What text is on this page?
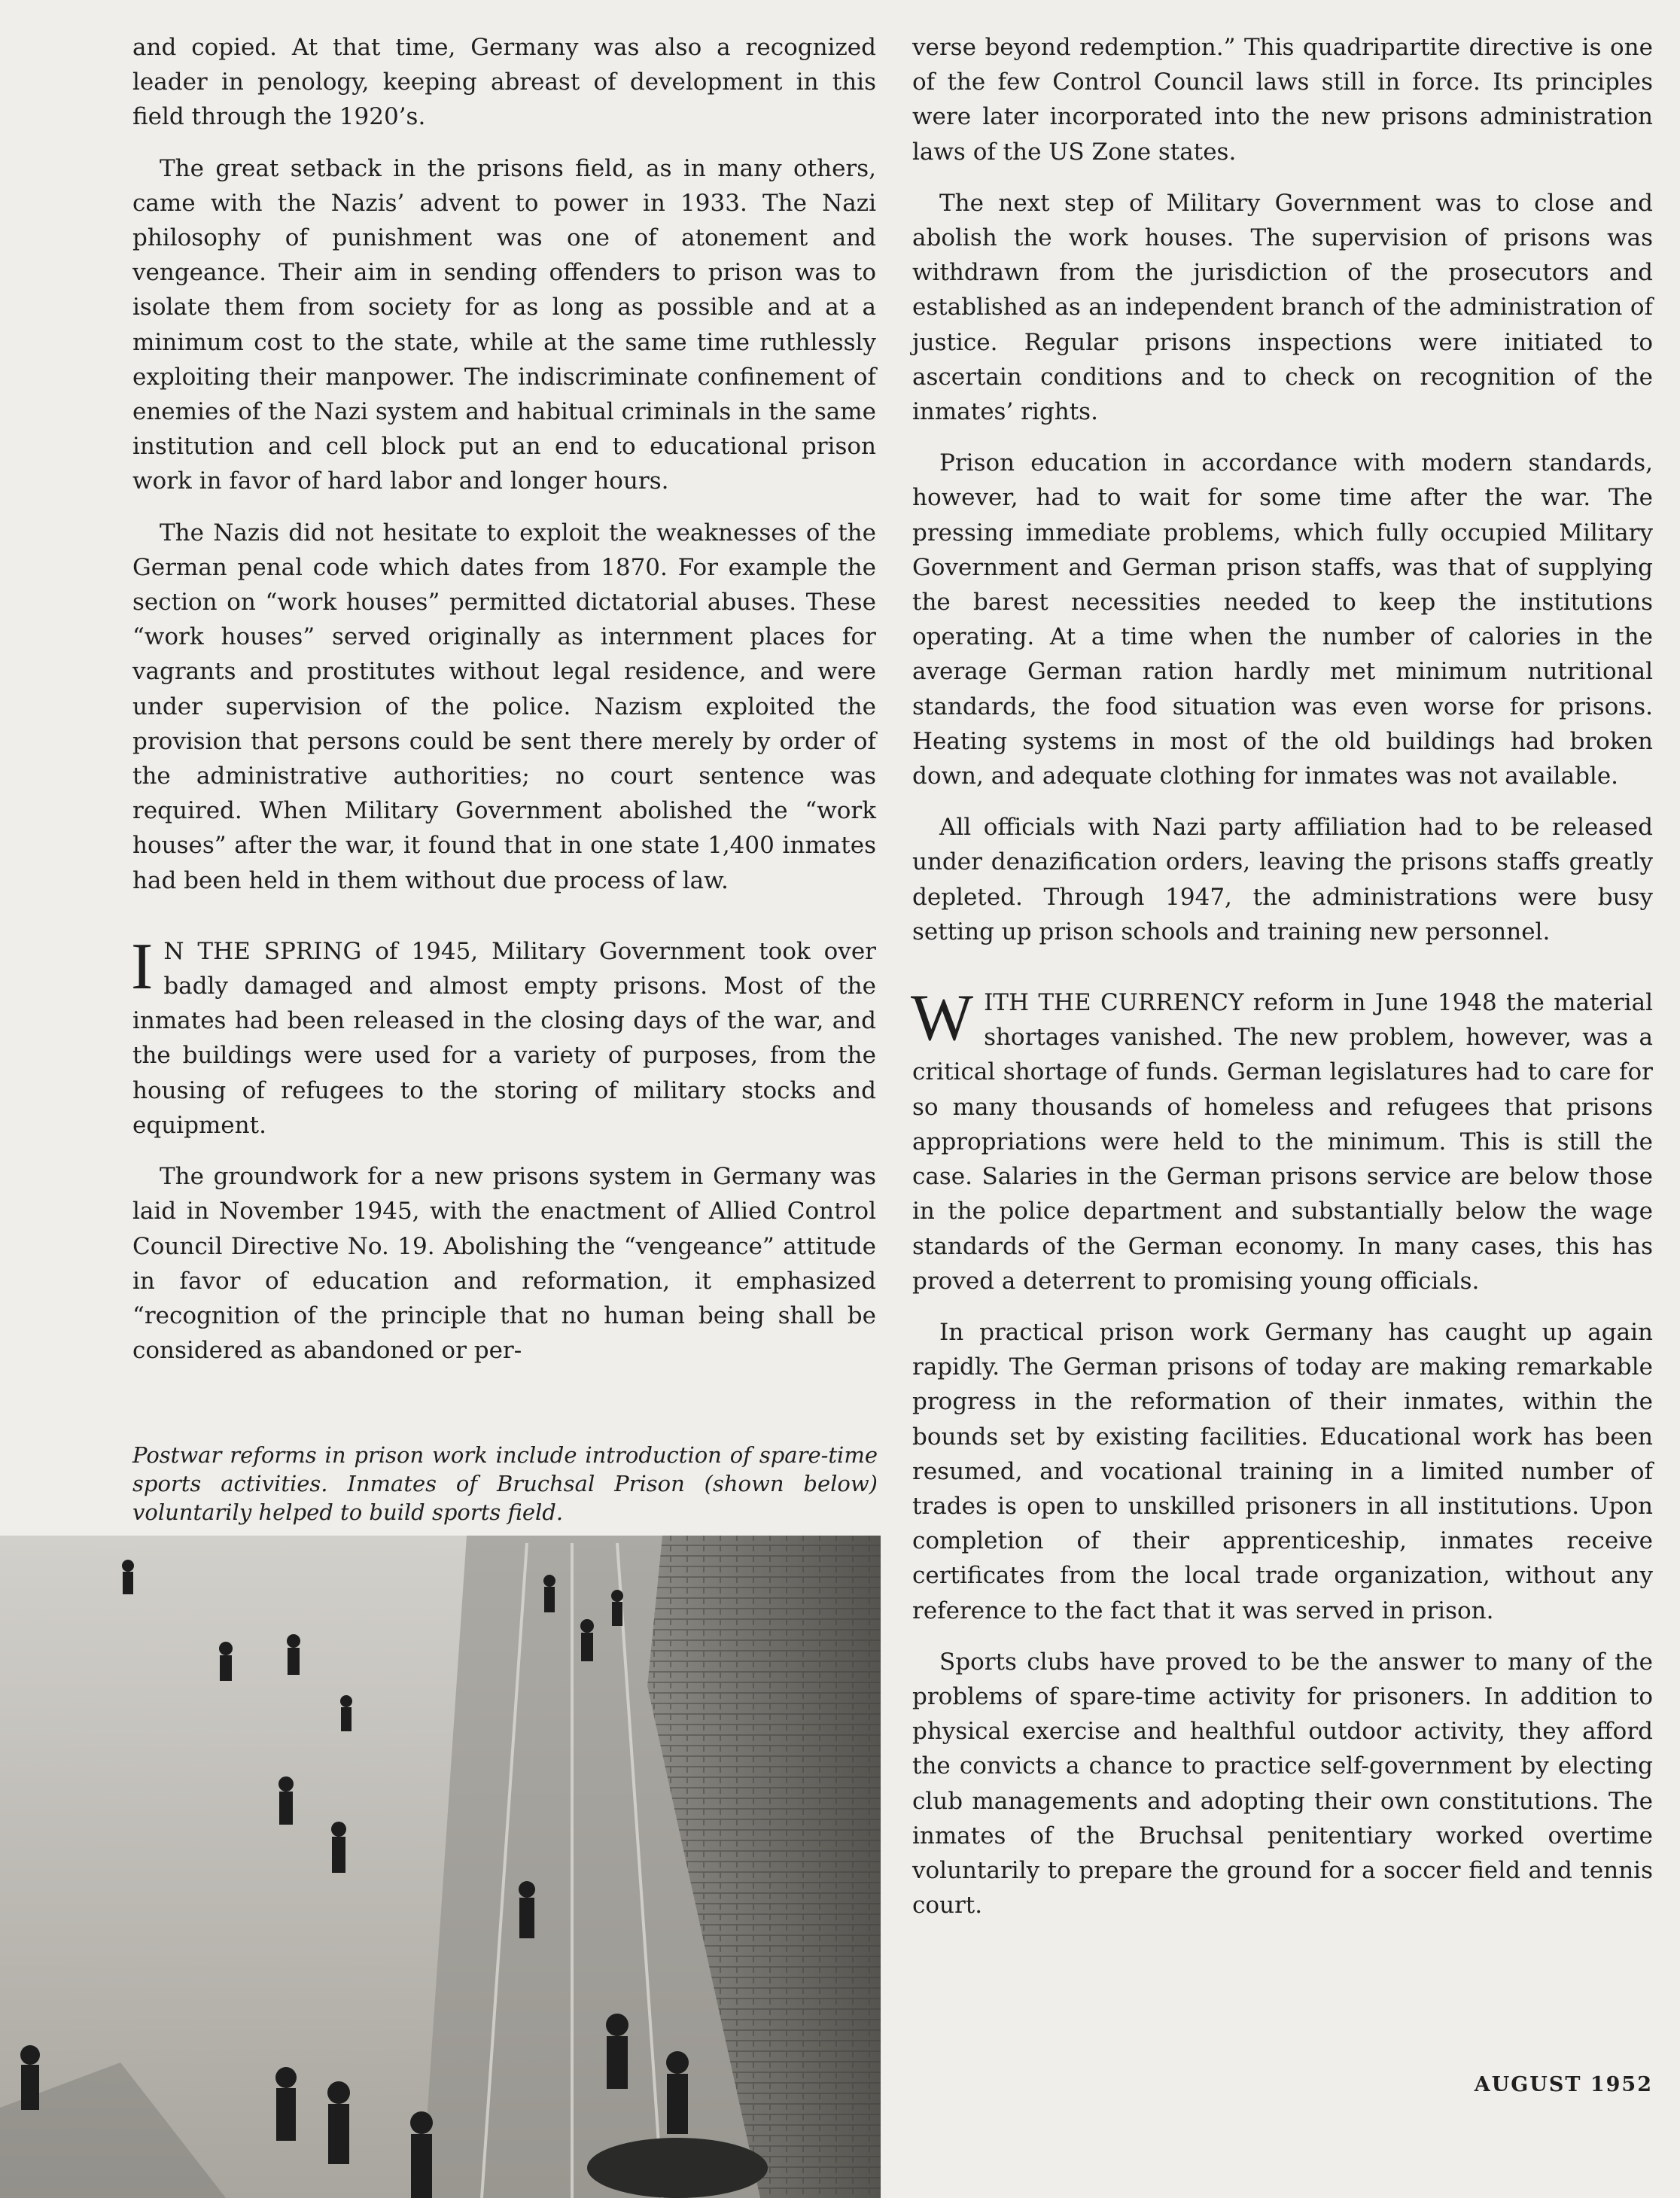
and copied. At that time, Germany was also a recognized leader in penology, keeping abreast of development in this field through the 1920’s.

The great setback in the prisons field, as in many others, came with the Nazis’ advent to power in 1933. The Nazi philosophy of punishment was one of atonement and vengeance. Their aim in sending offenders to prison was to isolate them from society for as long as possible and at a minimum cost to the state, while at the same time ruthlessly exploiting their manpower. The indiscriminate confinement of enemies of the Nazi system and habitual criminals in the same institution and cell block put an end to educational prison work in favor of hard labor and longer hours.

The Nazis did not hesitate to exploit the weaknesses of the German penal code which dates from 1870. For example the section on “work houses” permitted dictatorial abuses. These “work houses” served originally as internment places for vagrants and prostitutes without legal residence, and were under supervision of the police. Nazism exploited the provision that persons could be sent there merely by order of the administrative authorities; no court sentence was required. When Military Government abolished the “work houses” after the war, it found that in one state 1,400 inmates had been held in them without due process of law.

I N THE SPRING of 1945, Military Government took over badly damaged and almost empty prisons. Most of the inmates had been released in the closing days of the war, and the buildings were used for a variety of purposes, from the housing of refugees to the storing of military stocks and equipment.

The groundwork for a new prisons system in Germany was laid in November 1945, with the enactment of Allied Control Council Directive No. 19. Abolishing the “vengeance” attitude in favor of education and reformation, it emphasized “recognition of the principle that no human being shall be considered as abandoned or per-

Postwar reforms in prison work include introduction of spare-time sports activities. Inmates of Bruchsal Prison (shown below) voluntarily helped to build sports field.

verse beyond redemption.” This quadripartite directive is one of the few Control Council laws still in force. Its principles were later incorporated into the new prisons administration laws of the US Zone states.

The next step of Military Government was to close and abolish the work houses. The supervision of prisons was withdrawn from the jurisdiction of the prosecutors and established as an independent branch of the administration of justice. Regular prisons inspections were initiated to ascertain conditions and to check on recognition of the inmates’ rights.

Prison education in accordance with modern standards, however, had to wait for some time after the war. The pressing immediate problems, which fully occupied Military Government and German prison staffs, was that of supplying the barest necessities needed to keep the institutions operating. At a time when the number of calories in the average German ration hardly met minimum nutritional standards, the food situation was even worse for prisons. Heating systems in most of the old buildings had broken down, and adequate clothing for inmates was not available.

All officials with Nazi party affiliation had to be released under denazification orders, leaving the prisons staffs greatly depleted. Through 1947, the administrations were busy setting up prison schools and training new personnel.

WITH THE CURRENCY reform in June 1948 the material shortages vanished. The new problem, however, was a critical shortage of funds. German legislatures had to care for so many thousands of homeless and refugees that prisons appropriations were held to the minimum. This is still the case. Salaries in the German prisons service are below those in the police department and substantially below the wage standards of the German economy. In many cases, this has proved a deterrent to promising young officials.

In practical prison work Germany has caught up again rapidly. The German prisons of today are making remarkable progress in the reformation of their inmates, within the bounds set by existing facilities. Educational work has been resumed, and vocational training in a limited number of trades is open to unskilled prisoners in all institutions. Upon completion of their apprenticeship, inmates receive certificates from the local trade organization, without any reference to the fact that it was served in prison.

Sports clubs have proved to be the answer to many of the problems of spare-time activity for prisoners. In addition to physical exercise and healthful outdoor activity, they afford the convicts a chance to practice self-government by electing club managements and adopting their own constitutions. The inmates of the Bruchsal penitentiary worked overtime voluntarily to prepare the ground for a soccer field and tennis court.

AUGUST 1952
